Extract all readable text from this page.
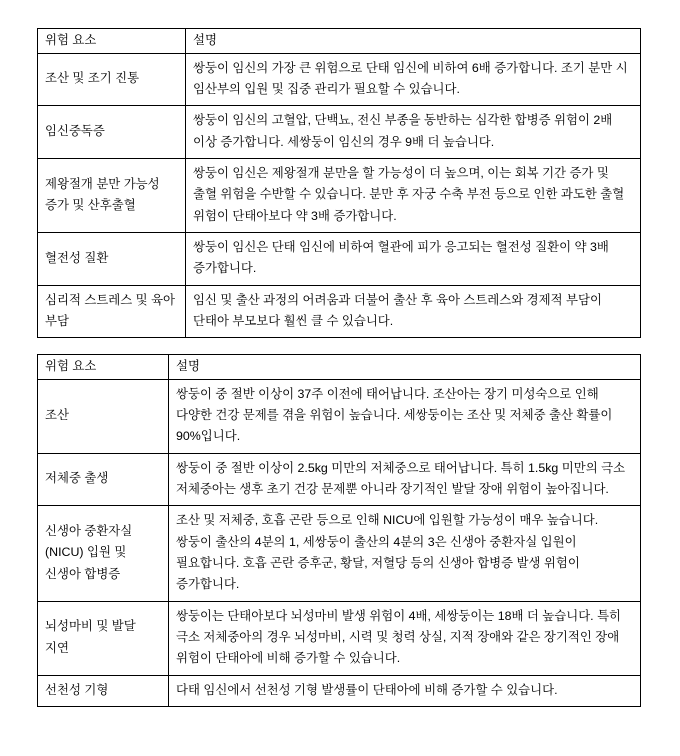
위험 요소	설명
조산 및 조기 진통	쌍둥이 임신의 가장 큰 위험으로 단태 임신에 비하여 6배 증가합니다. 조기 분만 시 임산부의 입원 및 집중 관리가 필요할 수 있습니다.
임신중독증	쌍둥이 임신의 고혈압, 단백뇨, 전신 부종을 동반하는 심각한 합병증 위험이 2배 이상 증가합니다. 세쌍둥이 임신의 경우 9배 더 높습니다.
제왕절개 분만 가능성 증가 및 산후출혈	쌍둥이 임신은 제왕절개 분만을 할 가능성이 더 높으며, 이는 회복 기간 증가 및 출혈 위험을 수반할 수 있습니다. 분만 후 자궁 수축 부전 등으로 인한 과도한 출혈 위험이 단태아보다 약 3배 증가합니다.
혈전성 질환	쌍둥이 임신은 단태 임신에 비하여 혈관에 피가 응고되는 혈전성 질환이 약 3배 증가합니다.
심리적 스트레스 및 육아 부담	임신 및 출산 과정의 어려움과 더불어 출산 후 육아 스트레스와 경제적 부담이 단태아 부모보다 훨씬 클 수 있습니다.
위험 요소	설명
조산	쌍둥이 중 절반 이상이 37주 이전에 태어납니다. 조산아는 장기 미성숙으로 인해 다양한 건강 문제를 겪을 위험이 높습니다. 세쌍둥이는 조산 및 저체중 출산 확률이 90%입니다.
저체중 출생	쌍둥이 중 절반 이상이 2.5kg 미만의 저체중으로 태어납니다. 특히 1.5kg 미만의 극소 저체중아는 생후 초기 건강 문제뿐 아니라 장기적인 발달 장애 위험이 높아집니다.
신생아 중환자실 (NICU) 입원 및 신생아 합병증	조산 및 저체중, 호흡 곤란 등으로 인해 NICU에 입원할 가능성이 매우 높습니다. 쌍둥이 출산의 4분의 1, 세쌍둥이 출산의 4분의 3은 신생아 중환자실 입원이 필요합니다. 호흡 곤란 증후군, 황달, 저혈당 등의 신생아 합병증 발생 위험이 증가합니다.
뇌성마비 및 발달 지연	쌍둥이는 단태아보다 뇌성마비 발생 위험이 4배, 세쌍둥이는 18배 더 높습니다. 특히 극소 저체중아의 경우 뇌성마비, 시력 및 청력 상실, 지적 장애와 같은 장기적인 장애 위험이 단태아에 비해 증가할 수 있습니다.
선천성 기형	다태 임신에서 선천성 기형 발생률이 단태아에 비해 증가할 수 있습니다.
